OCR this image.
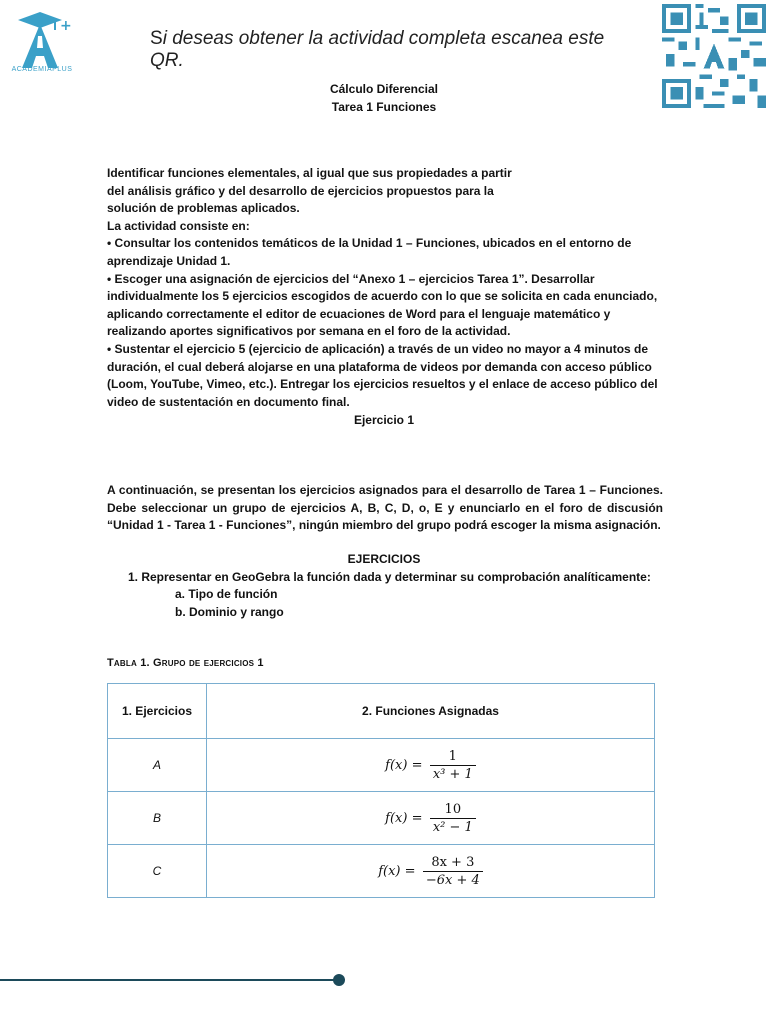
+
ACADEMIAPLUS
Si deseas obtener la actividad completa escanea este QR.
Cálculo Diferencial
Tarea 1 Funciones

Identificar funciones elementales, al igual que sus propiedades a partir

del análisis gráfico y del desarrollo de ejercicios propuestos para la

solución de problemas aplicados.

La actividad consiste en:

• Consultar los contenidos temáticos de la Unidad 1 – Funciones, ubicados en el entorno de aprendizaje Unidad 1.

• Escoger una asignación de ejercicios del “Anexo 1 – ejercicios Tarea 1”. Desarrollar individualmente los 5 ejercicios escogidos de acuerdo con lo que se solicita en cada enunciado, aplicando correctamente el editor de ecuaciones de Word para el lenguaje matemático y realizando aportes significativos por semana en el foro de la actividad.

• Sustentar el ejercicio 5 (ejercicio de aplicación) a través de un video no mayor a 4 minutos de duración, el cual deberá alojarse en una plataforma de videos por demanda con acceso público (Loom, YouTube, Vimeo, etc.). Entregar los ejercicios resueltos y el enlace de acceso público del video de sustentación en documento final.

Ejercicio 1
A continuación, se presentan los ejercicios asignados para el desarrollo de Tarea 1 – Funciones. Debe seleccionar un grupo de ejercicios A, B, C, D, o, E y enunciarlo en el foro de discusión “Unidad 1 - Tarea 1 - Funciones”, ningún miembro del grupo podrá escoger la misma asignación.
EJERCICIOS
1. Representar en GeoGebra la función dada y determinar su comprobación analíticamente:
a. Tipo de función
b. Dominio y rango
Tabla 1. Grupo de ejercicios 1
1. Ejercicios	2. Funciones Asignadas
A	$f(x) = \frac{1}{\text{x³ + 1}}$

B	$f(x) = \frac{10}{\text{x² − 1}}$

C	$f(x) = \frac{8x + 3}{-6x + 4}$
